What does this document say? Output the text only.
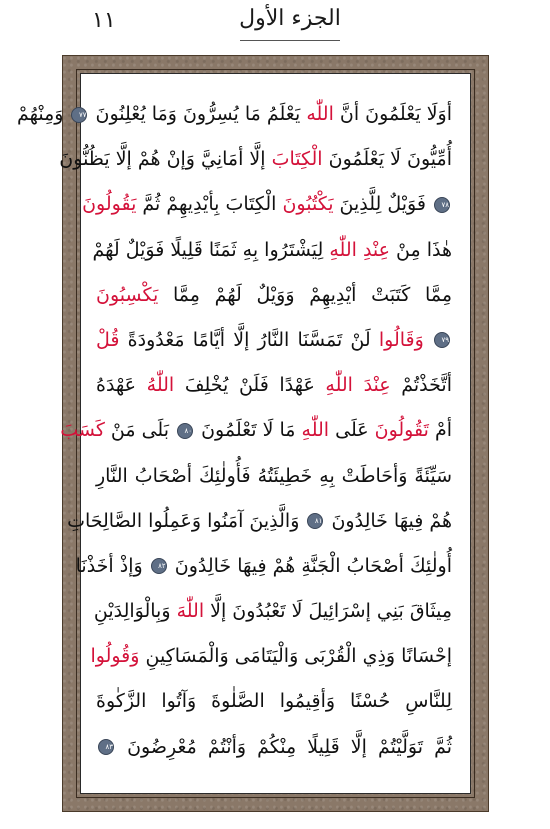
الجزء الأول
١١
أوَلَا يَعْلَمُونَ أنَّ اللّٰه يَعْلَمُ مَا يُسِرُّونَ وَمَا يُعْلِنُونَ ٧٧ وَمِنْهُمْ
أُمِّيُّونَ لَا يَعْلَمُونَ الْكِتَابَ إلَّا أمَانِيَّ وَإنْ هُمْ إلَّا يَظُنُّونَ
٧٨ فَوَيْلٌ لِلَّذِينَ يَكْتُبُونَ الْكِتَابَ بِأيْدِيهِمْ ثُمَّ يَقُولُونَ
هٰذَا مِنْ عِنْدِ اللّٰهِ لِيَشْتَرُوا بِهِ ثَمَنًا قَلِيلًا فَوَيْلٌ لَهُمْ
مِمَّا كَتَبَتْ أيْدِيهِمْ وَوَيْلٌ لَهُمْ مِمَّا يَكْسِبُونَ
٧٩ وَقَالُوا لَنْ تَمَسَّنَا النَّارُ إلَّا أيَّامًا مَعْدُودَةً قُلْ
أتَّخَذْتُمْ عِنْدَ اللّٰهِ عَهْدًا فَلَنْ يُخْلِفَ اللّٰهُ عَهْدَهُ
أمْ تَقُولُونَ عَلَى اللّٰهِ مَا لَا تَعْلَمُونَ ٨٠ بَلَى مَنْ كَسَبَ
سَيِّئَةً وَأحَاطَتْ بِهِ خَطِيئَتُهُ فَأُولٰئِكَ أصْحَابُ النَّارِ
هُمْ فِيهَا خَالِدُونَ ٨١ وَالَّذِينَ آمَنُوا وَعَمِلُوا الصَّالِحَاتِ
أُولٰئِكَ أصْحَابُ الْجَنَّةِ هُمْ فِيهَا خَالِدُونَ ٨٢ وَإذْ أخَذْنَا
مِيثَاقَ بَنِي إسْرَائِيلَ لَا تَعْبُدُونَ إلَّا اللّٰهَ وَبِالْوَالِدَيْنِ
إحْسَانًا وَذِي الْقُرْبَى وَالْيَتَامَى وَالْمَسَاكِينِ وَقُولُوا
لِلنَّاسِ حُسْنًا وَأقِيمُوا الصَّلٰوةَ وَآتُوا الزَّكٰوةَ
ثُمَّ تَوَلَّيْتُمْ إلَّا قَلِيلًا مِنْكُمْ وَأنْتُمْ مُعْرِضُونَ ٨٣
